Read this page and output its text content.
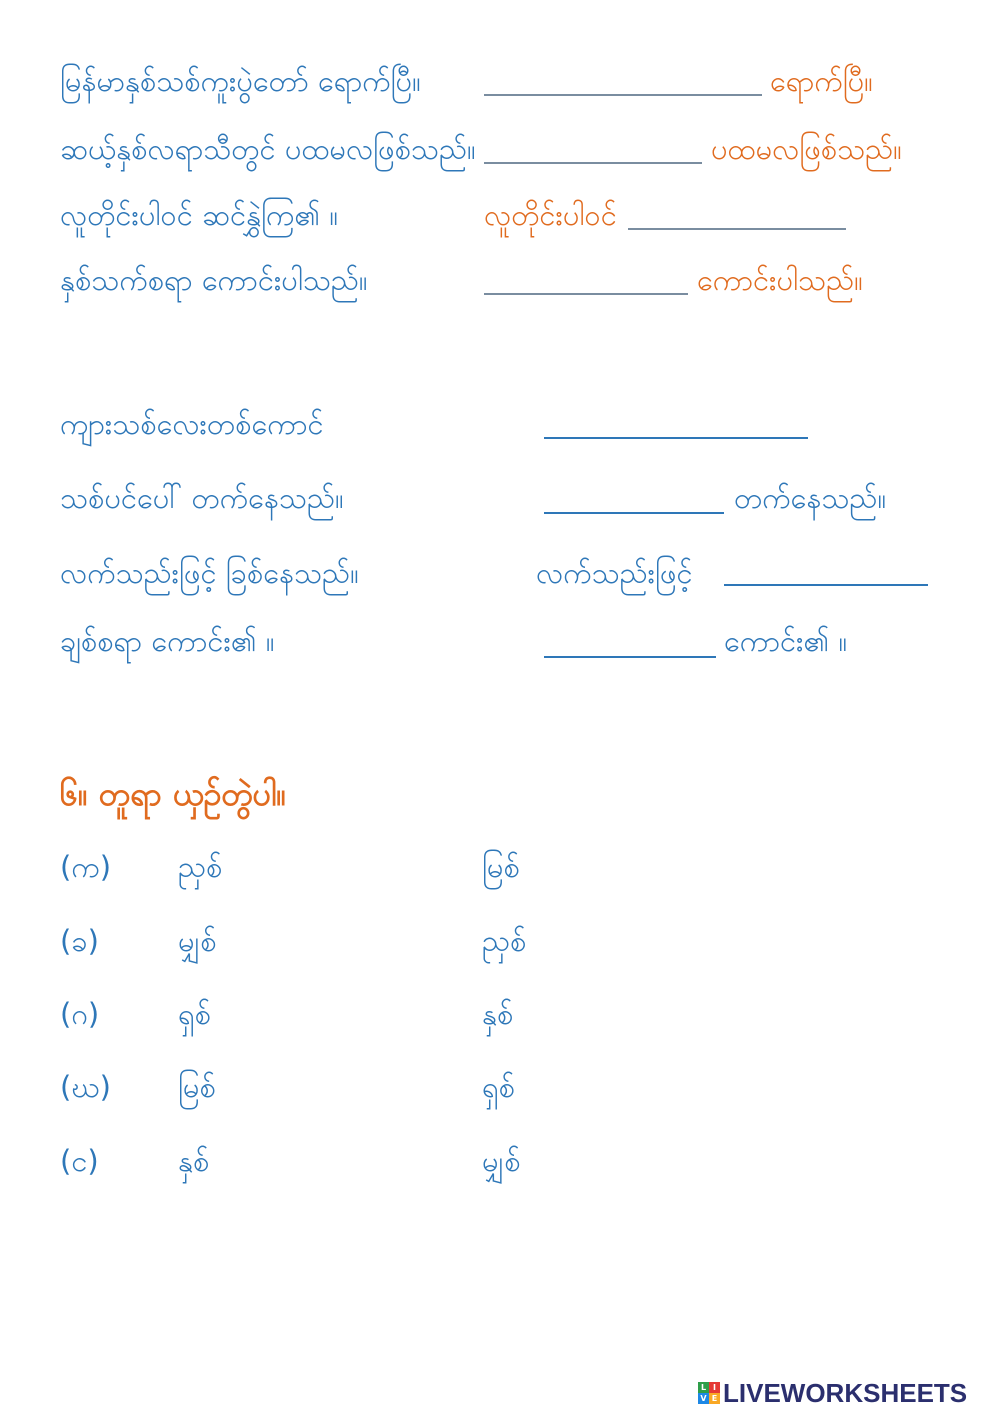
မြန်မာနှစ်သစ်ကူးပွဲတော် ရောက်ပြီ။	ရောက်ပြီ။
ဆယ့်နှစ်လရာသီတွင် ပထမလဖြစ်သည်။	ပထမလဖြစ်သည်။
လူတိုင်းပါဝင် ဆင်နွှဲကြ၏ ။	လူတိုင်းပါဝင်
နှစ်သက်စရာ ကောင်းပါသည်။	ကောင်းပါသည်။
ကျားသစ်လေးတစ်ကောင်
သစ်ပင်ပေါ် တက်နေသည်။	တက်နေသည်။
လက်သည်းဖြင့် ခြစ်နေသည်။	လက်သည်းဖြင့်
ချစ်စရာ ကောင်း၏ ။	ကောင်း၏ ။
၆။ တူရာ ယှဉ်တွဲပါ။
(က) ညှစ်	မြစ်
(ခ)	မျှစ်	ညှစ်
(ဂ)	ရှစ်	နှစ်
(ဃ) မြစ်	ရှစ်
(င)	နှစ်	မျှစ်
L I
V E LIVEWORKSHEETS
